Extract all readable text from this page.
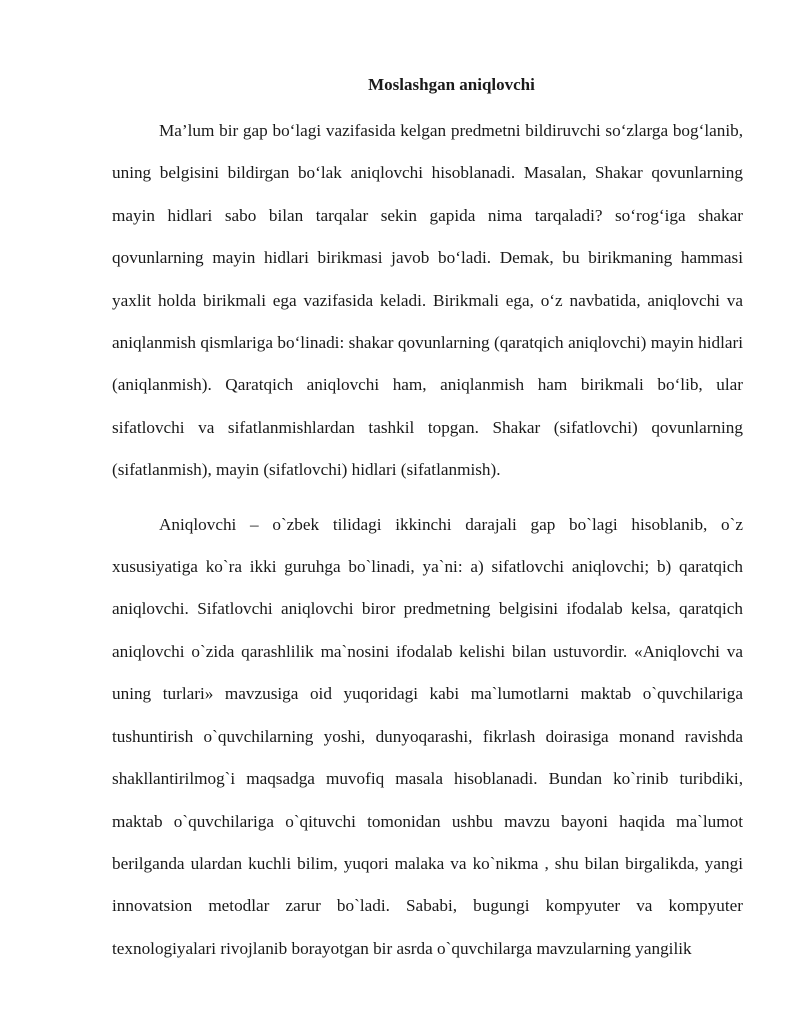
Moslashgan aniqlovchi

Ma’lum bir gap bo‘lagi vazifasida kelgan predmetni bildiruvchi so‘zlarga bog‘lanib, uning belgisini bildirgan bo‘lak aniqlovchi hisoblanadi. Masalan, Shakar qovunlarning mayin hidlari sabo bilan tarqalar sekin gapida nima tarqaladi? so‘rog‘iga shakar qovunlarning mayin hidlari birikmasi javob bo‘ladi. Demak, bu birikmaning hammasi yaxlit holda birikmali ega vazifasida keladi. Birikmali ega, o‘z navbatida, aniqlovchi va aniqlanmish qismlariga bo‘linadi: shakar qovunlarning (qaratqich aniqlovchi) mayin hidlari (aniqlanmish). Qaratqich aniqlovchi ham, aniqlanmish ham birikmali bo‘lib, ular sifatlovchi va sifatlanmishlardan tashkil topgan. Shakar (sifatlovchi) qovunlarning (sifatlanmish), mayin (sifatlovchi) hidlari (sifatlanmish).

Aniqlovchi – o`zbek tilidagi ikkinchi darajali gap bo`lagi hisoblanib, o`z xususiyatiga ko`ra ikki guruhga bo`linadi, ya`ni: a) sifatlovchi aniqlovchi; b) qaratqich aniqlovchi. Sifatlovchi aniqlovchi biror predmetning belgisini ifodalab kelsa, qaratqich aniqlovchi o`zida qarashlilik ma`nosini ifodalab kelishi bilan ustuvordir. «Aniqlovchi va uning turlari» mavzusiga oid yuqoridagi kabi ma`lumotlarni maktab o`quvchilariga tushuntirish o`quvchilarning yoshi, dunyoqarashi, fikrlash doirasiga monand ravishda shakllantirilmog`i maqsadga muvofiq masala hisoblanadi. Bundan ko`rinib turibdiki, maktab o`quvchilariga o`qituvchi tomonidan ushbu mavzu bayoni haqida ma`lumot berilganda ulardan kuchli bilim, yuqori malaka va ko`nikma , shu bilan birgalikda, yangi innovatsion metodlar zarur bo`ladi. Sababi, bugungi kompyuter va kompyuter texnologiyalari rivojlanib borayotgan bir asrda o`quvchilarga mavzularning yangilik
